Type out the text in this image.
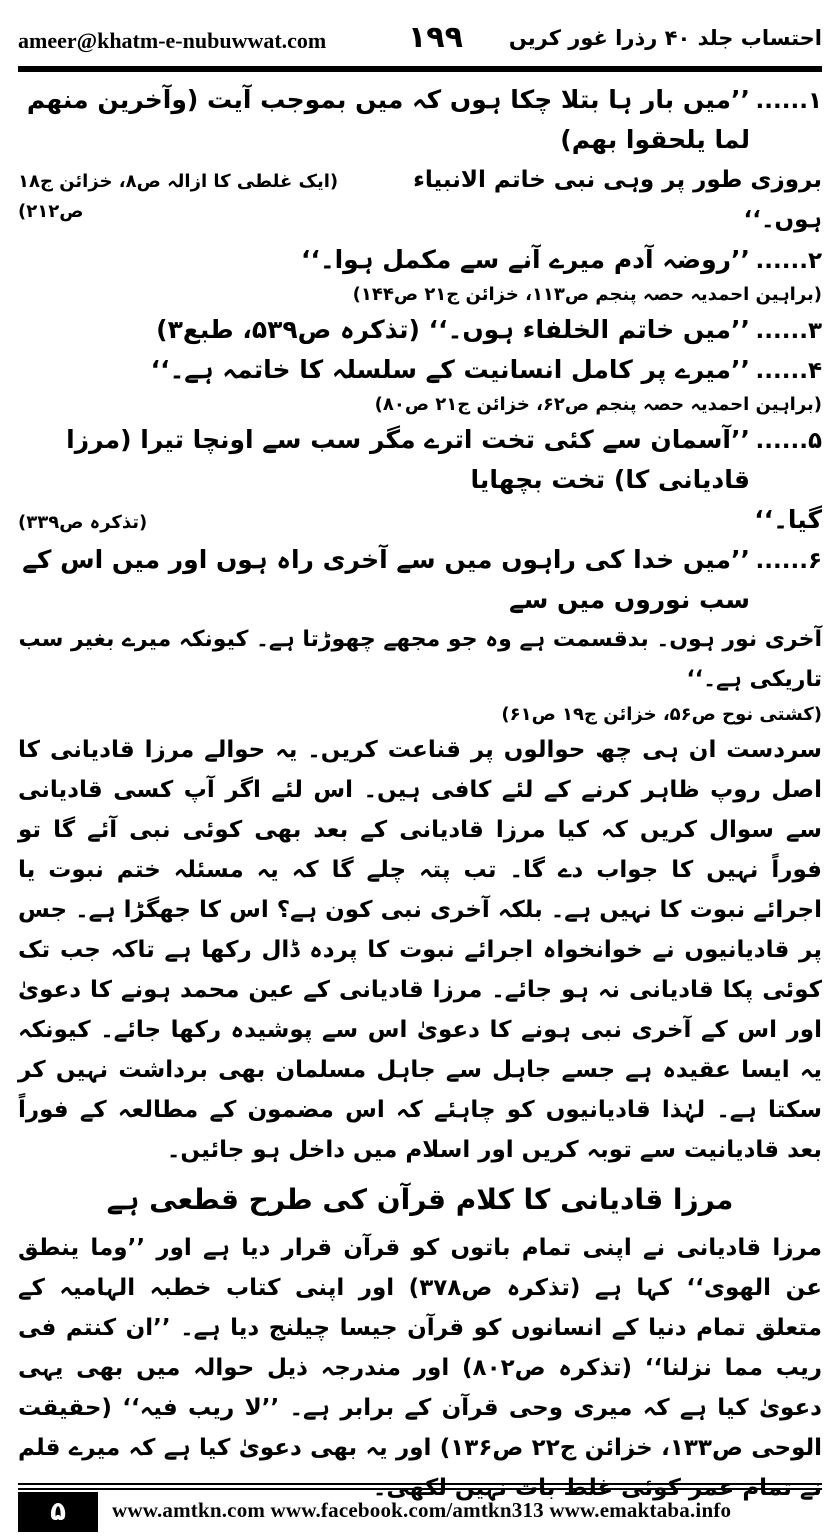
ameer@khatm-e-nubuwwat.com	۱۹۹ احتساب جلد ۴۰ رذرا غور کریں
۱......
’’میں بار ہا بتلا چکا ہوں کہ میں بموجب آیت (وآخرین منھم لما یلحقوا بھم)
بروزی طور پر وہی نبی خاتم الانبیاء ہوں۔‘‘
(ایک غلطی کا ازالہ ص۸، خزائن ج۱۸ ص۲۱۲)
۲......
’’روضہ آدم میرے آنے سے مکمل ہوا۔‘‘
(براہین احمدیہ حصہ پنجم ص۱۱۳، خزائن ج۲۱ ص۱۴۴)
۳......
’’میں خاتم الخلفاء ہوں۔‘‘ (تذکرہ ص۵۳۹، طبع۳)
۴......
’’میرے پر کامل انسانیت کے سلسلہ کا خاتمہ ہے۔‘‘
(براہین احمدیہ حصہ پنجم ص۶۲، خزائن ج۲۱ ص۸۰)
۵......
’’آسمان سے کئی تخت اترے مگر سب سے اونچا تیرا (مرزا قادیانی کا) تخت بچھایا
گیا۔‘‘
(تذکرہ ص۳۳۹)
۶......
’’میں خدا کی راہوں میں سے آخری راہ ہوں اور میں اس کے سب نوروں میں سے
آخری نور ہوں۔ بدقسمت ہے وہ جو مجھے چھوڑتا ہے۔ کیونکہ میرے بغیر سب تاریکی ہے۔‘‘
(کشتی نوح ص۵۶، خزائن ج۱۹ ص۶۱)

سردست ان ہی چھ حوالوں پر قناعت کریں۔ یہ حوالے مرزا قادیانی کا اصل روپ ظاہر کرنے کے لئے کافی ہیں۔ اس لئے اگر آپ کسی قادیانی سے سوال کریں کہ کیا مرزا قادیانی کے بعد بھی کوئی نبی آئے گا تو فوراً نہیں کا جواب دے گا۔ تب پتہ چلے گا کہ یہ مسئلہ ختم نبوت یا اجرائے نبوت کا نہیں ہے۔ بلکہ آخری نبی کون ہے؟ اس کا جھگڑا ہے۔ جس پر قادیانیوں نے خوانخواہ اجرائے نبوت کا پردہ ڈال رکھا ہے تاکہ جب تک کوئی پکا قادیانی نہ ہو جائے۔ مرزا قادیانی کے عین محمد ہونے کا دعویٰ اور اس کے آخری نبی ہونے کا دعویٰ اس سے پوشیدہ رکھا جائے۔ کیونکہ یہ ایسا عقیدہ ہے جسے جاہل سے جاہل مسلمان بھی برداشت نہیں کر سکتا ہے۔ لہٰذا قادیانیوں کو چاہئے کہ اس مضمون کے مطالعہ کے فوراً بعد قادیانیت سے توبہ کریں اور اسلام میں داخل ہو جائیں۔

مرزا قادیانی کا کلام قرآن کی طرح قطعی ہے

مرزا قادیانی نے اپنی تمام باتوں کو قرآن قرار دیا ہے اور ’’وما ینطق عن الھوی‘‘ کہا ہے (تذکرہ ص۳۷۸) اور اپنی کتاب خطبہ الہامیہ کے متعلق تمام دنیا کے انسانوں کو قرآن جیسا چیلنج دیا ہے۔ ’’ان کنتم فی ریب مما نزلنا‘‘ (تذکرہ ص۸۰۲) اور مندرجہ ذیل حوالہ میں بھی یہی دعویٰ کیا ہے کہ میری وحی قرآن کے برابر ہے۔ ’’لا ریب فیہ‘‘ (حقیقت الوحی ص۱۳۳، خزائن ج۲۲ ص۱۳۶) اور یہ بھی دعویٰ کیا ہے کہ میرے قلم نے

۵	www.amtkn.com www.facebook.com/amtkn313 www.emaktaba.info
